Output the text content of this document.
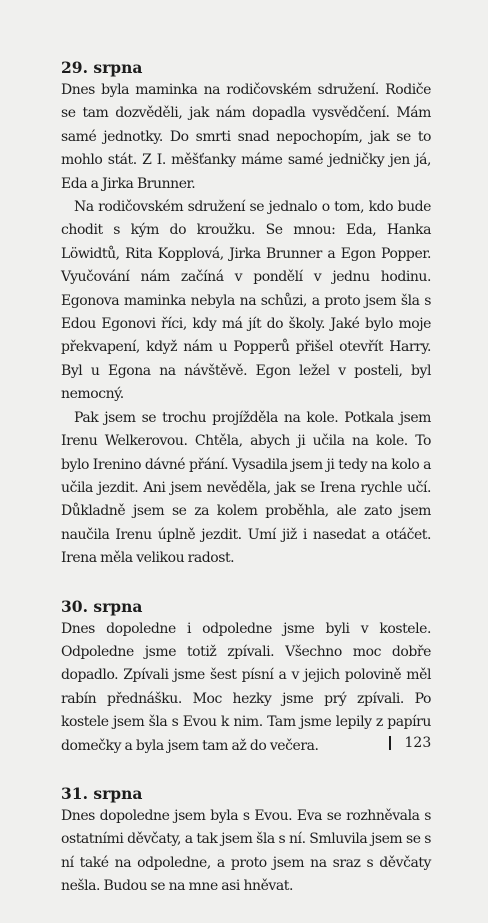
29. srpna

Dnes byla maminka na rodičovském sdružení. Rodiče se tam dozvěděli, jak nám dopadla vysvědčení. Mám samé jednotky. Do smrti snad nepochopím, jak se to mohlo stát. Z I. měšťanky máme samé jedničky jen já, Eda a Jirka Brunner.

Na rodičovském sdružení se jednalo o tom, kdo bude chodit s kým do kroužku. Se mnou: Eda, Hanka Löwidtů, Rita Kopplová, Jirka Brunner a Egon Popper. Vyučování nám začíná v pondělí v jednu hodinu. Egonova maminka nebyla na schůzi, a proto jsem šla s Edou Egonovi říci, kdy má jít do školy. Jaké bylo moje překvapení, když nám u Popperů přišel otevřít Harry. Byl u Egona na návštěvě. Egon ležel v posteli, byl nemocný.

Pak jsem se trochu projížděla na kole. Potkala jsem Irenu Welkerovou. Chtěla, abych ji učila na kole. To bylo Irenino dávné přání. Vysadila jsem ji tedy na kolo a učila jezdit. Ani jsem nevěděla, jak se Irena rychle učí. Důkladně jsem se za kolem proběhla, ale zato jsem naučila Irenu úplně jezdit. Umí již i nasedat a otáčet. Irena měla velikou radost.

30. srpna

Dnes dopoledne i odpoledne jsme byli v kostele. Odpoledne jsme totiž zpívali. Všechno moc dobře dopadlo. Zpívali jsme šest písní a v jejich polovině měl rabín přednášku. Moc hezky jsme prý zpívali. Po kostele jsem šla s Evou k nim. Tam jsme lepily z papíru domečky a byla jsem tam až do večera.

31. srpna

Dnes dopoledne jsem byla s Evou. Eva se rozhněvala s ostatními děvčaty, a tak jsem šla s ní. Smluvila jsem se s ní také na odpoledne, a proto jsem na sraz s děvčaty nešla. Budou se na mne asi hněvat.

123
